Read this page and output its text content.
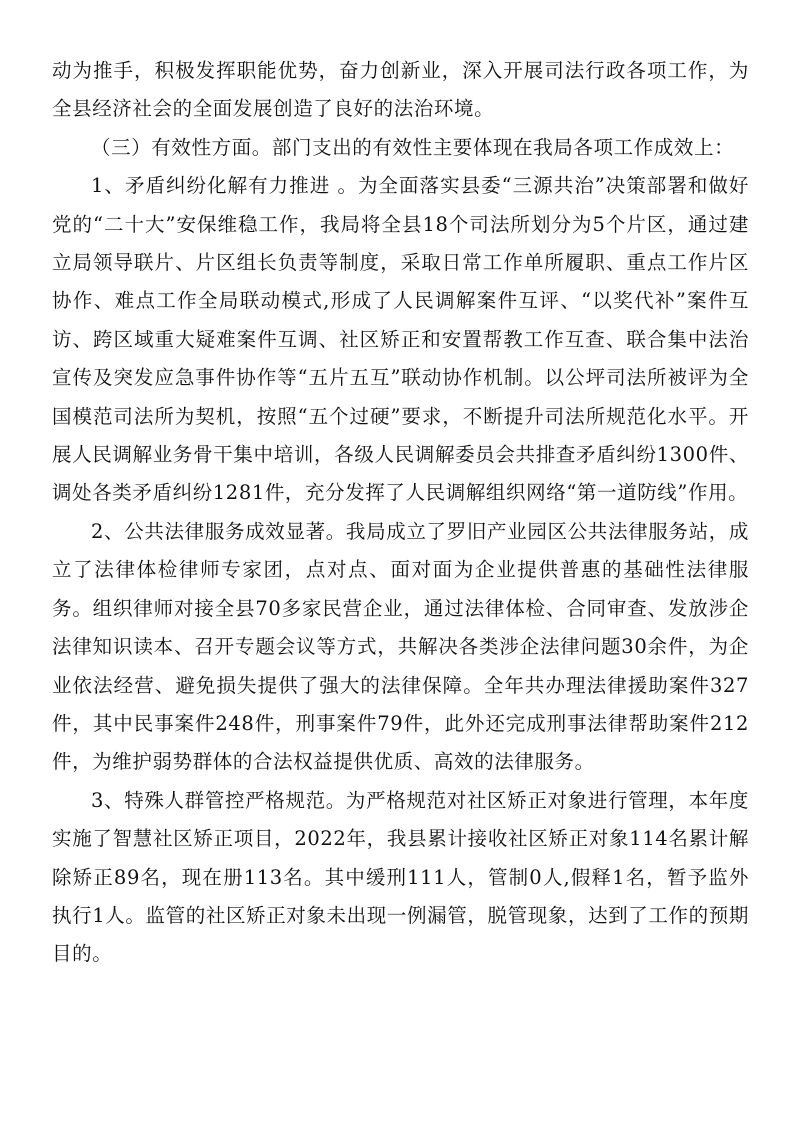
动为推手，积极发挥职能优势，奋力创新业，深入开展司法行政各项工作，为全县经济社会的全面发展创造了良好的法治环境。

（三）有效性方面。部门支出的有效性主要体现在我局各项工作成效上：

1、矛盾纠纷化解有力推进 。为全面落实县委“三源共治”决策部署和做好党的“二十大”安保维稳工作，我局将全县18个司法所划分为5个片区，通过建立局领导联片、片区组长负责等制度，采取日常工作单所履职、重点工作片区协作、难点工作全局联动模式,形成了人民调解案件互评、“以奖代补”案件互访、跨区域重大疑难案件互调、社区矫正和安置帮教工作互查、联合集中法治宣传及突发应急事件协作等“五片五互”联动协作机制。以公坪司法所被评为全国模范司法所为契机，按照“五个过硬”要求，不断提升司法所规范化水平。开展人民调解业务骨干集中培训，各级人民调解委员会共排查矛盾纠纷1300件、调处各类矛盾纠纷1281件，充分发挥了人民调解组织网络“第一道防线”作用。

2、公共法律服务成效显著。我局成立了罗旧产业园区公共法律服务站，成立了法律体检律师专家团，点对点、面对面为企业提供普惠的基础性法律服务。组织律师对接全县70多家民营企业，通过法律体检、合同审查、发放涉企法律知识读本、召开专题会议等方式，共解决各类涉企法律问题30余件，为企业依法经营、避免损失提供了强大的法律保障。全年共办理法律援助案件327件，其中民事案件248件，刑事案件79件，此外还完成刑事法律帮助案件212件，为维护弱势群体的合法权益提供优质、高效的法律服务。

3、特殊人群管控严格规范。为严格规范对社区矫正对象进行管理，本年度实施了智慧社区矫正项目，2022年，我县累计接收社区矫正对象114名累计解除矫正89名，现在册113名。其中缓刑111人，管制0人,假释1名，暂予监外执行1人。监管的社区矫正对象未出现一例漏管，脱管现象，达到了工作的预期目的。
